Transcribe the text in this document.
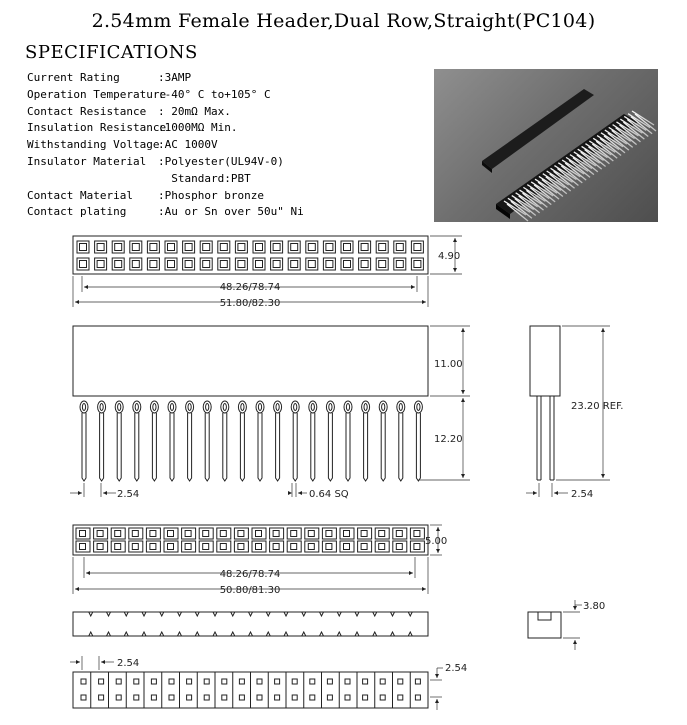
2.54mm Female Header,Dual Row,Straight(PC104)
SPECIFICATIONS
Current Rating	:3AMP
Operation Temperature
:-40° C to+105° C
Contact Resistance	: 20mΩ Max.
Insulation Resistance
:1000MΩ Min.
Withstanding Voltage
:AC 1000V
Insulator Material	:Polyester(UL94V-0)
Standard:PBT
Contact Material	:Phosphor bronze
Contact plating	:Au or Sn over 50u" Ni
4.90
48.26/78.74
51.80/82.30
11.00
12.20
2.54	0.64 SQ
23.20 REF.
2.54
5.00
48.26/78.74
50.80/81.30
3.80
2.54	2.54
